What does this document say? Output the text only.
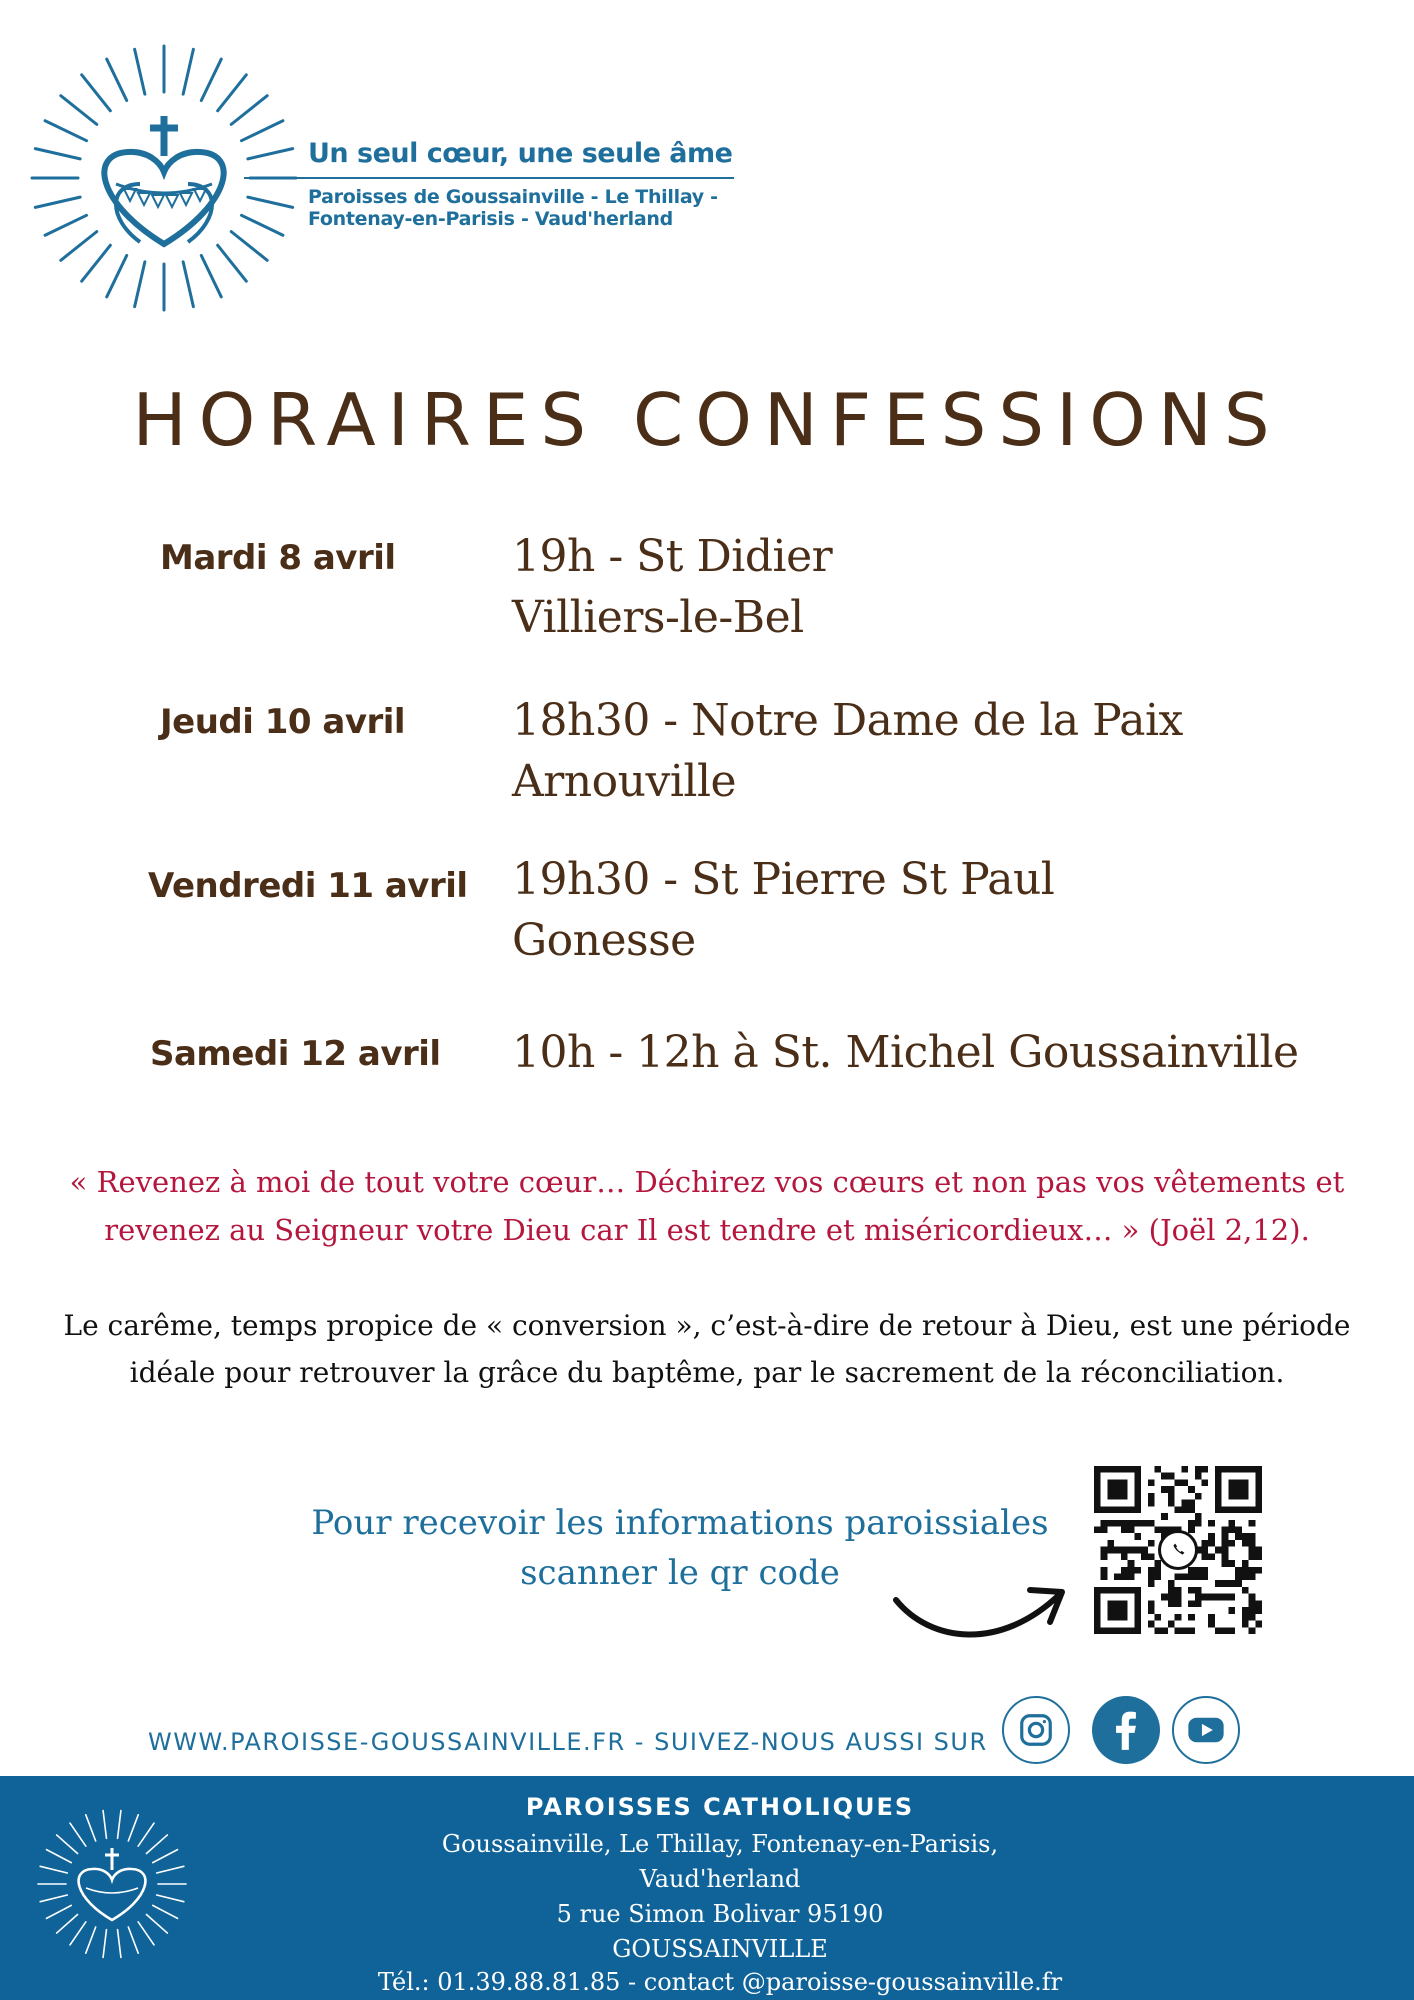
Un seul cœur, une seule âme
Paroisses de Goussainville - Le Thillay -
Fontenay-en-Parisis - Vaud'herland
HORAIRES CONFESSIONS
Mardi 8 avril	19h - St Didier
Villiers-le-Bel
Jeudi 10 avril 18h30 - Notre Dame de la Paix
Arnouville
Vendredi 11 avril 19h30 - St Pierre St Paul
Gonesse
Samedi 12 avril 10h - 12h à St. Michel Goussainville
« Revenez à moi de tout votre cœur… Déchirez vos cœurs et non pas vos vêtements et
revenez au Seigneur votre Dieu car Il est tendre et miséricordieux… » (Joël 2,12).
Le carême, temps propice de « conversion », c’est-à-dire de retour à Dieu, est une période
idéale pour retrouver la grâce du baptême, par le sacrement de la réconciliation.
Pour recevoir les informations paroissiales
scanner le qr code
WWW.PAROISSE-GOUSSAINVILLE.FR - SUIVEZ-NOUS AUSSI SUR
PAROISSES CATHOLIQUES
Goussainville, Le Thillay, Fontenay-en-Parisis,
Vaud'herland
5 rue Simon Bolivar 95190
GOUSSAINVILLE
Tél.: 01.39.88.81.85 - contact @paroisse-goussainville.fr
